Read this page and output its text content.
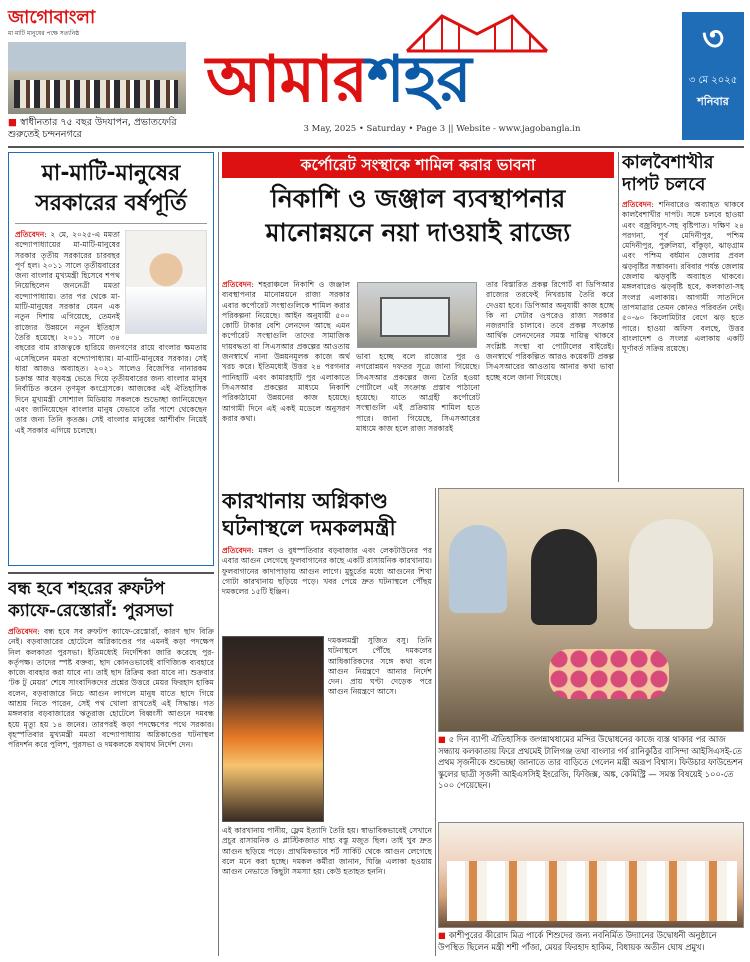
জাগোবাংলা
মা মাটি মানুষের পক্ষে সত্যনিষ্ঠ
■ স্বাধীনতার ৭৫ বছর উদযাপন, প্রভাতফেরি শুরুতেই চন্দননগরে
আমারশহর
3 May, 2025 • Saturday • Page 3 || Website - www.jagobangla.in
৩
৩ মে ২০২৫
শনিবার
মা-মাটি-মানুষের সরকারের বর্ষপূর্তি

প্রতিবেদন: ২ মে, ২০২৫-এ মমতা বন্দ্যোপাধ্যায়ের মা-মাটি-মানুষের সরকার তৃতীয় সরকারের চারবছর পূর্ণ হল। ২০১১ সালে তৃতীয়বারের জন্য বাংলার মুখ্যমন্ত্রী হিসেবে শপথ নিয়েছিলেন জননেত্রী মমতা বন্দ্যোপাধ্যায়। তার পর থেকে মা-মাটি-মানুষের সরকার যেমন এক নতুন দিশায় এগিয়েছে, তেমনই রাজ্যের উন্নয়নে নতুন ইতিহাস তৈরি হয়েছে। ২০১১ সালে ৩৪ বছরের বাম রাজত্বকে হারিয়ে জনগণের রায়ে বাংলার ক্ষমতায় এসেছিলেন মমতা বন্দ্যোপাধ্যায়। মা-মাটি-মানুষের সরকার। সেই ধারা আজও অব্যাহত। ২০২১ সালেও বিজেপির নানারকম চক্রান্ত আর ষড়যন্ত্র ভেঙে দিয়ে তৃতীয়বারের জন্য বাংলার মানুষ নির্বাচিত করেন তৃণমূল কংগ্রেসকে। আজকের এই ঐতিহাসিক দিনে মুখ্যমন্ত্রী সোশ্যাল মিডিয়ায় সকলকে শুভেচ্ছা জানিয়েছেন এবং জানিয়েছেন বাংলার মানুষ যেভাবে তাঁর পাশে থেকেছেন তার জন্য তিনি কৃতজ্ঞ। সেই বাংলার মানুষের আশীর্বাদ নিয়েই এই সরকার এগিয়ে চলেছে।

বন্ধ হবে শহরের রুফটপ ক্যাফে-রেস্তোরাঁ: পুরসভা

প্রতিবেদন: বন্ধ হবে সব রুফটপ ক্যাফে-রেস্তোরাঁ, কারণ ছাদ বিক্রি নেই। বড়বাজারের হোটেলে অগ্নিকাণ্ডের পর এমনই কড়া পদক্ষেপ নিল কলকাতা পুরসভা। ইতিমধ্যেই নির্দেশিকা জারি করেছে পুর-কর্তৃপক্ষ। তাদের স্পষ্ট বক্তব্য, ছাদ কোনওভাবেই বাণিজ্যিক ব্যবহারে কাজে ব্যবহার করা যাবে না। তাই ছাদ রিক্রিয় করা যাবে না। শুক্রবার ‘টক টু মেয়র’ শেষে সাংবাদিকদের প্রশ্নের উত্তরে মেয়র ফিরহাদ হাকিম বলেন, বড়বাজারে নিচে আগুন লাগলে মানুষ যাতে ছাদে গিয়ে আশ্রয় নিতে পারেন, সেই পথ খোলা রাখতেই এই সিদ্ধান্ত। গত মঙ্গলবার বড়বাজারের ঋতুরাজ হোটেলে বিধ্বংসী আগুনে দমবন্ধ হয়ে মৃত্যু হয় ১৪ জনের। তারপরই কড়া পদক্ষেপের পথে সরকার। বৃহস্পতিবার মুখ্যমন্ত্রী মমতা বন্দ্যোপাধ্যায় অগ্নিকাণ্ডের ঘটনাস্থল পরিদর্শন করে পুলিশ, পুরসভা ও দমকলকে যথাযথ নির্দেশ দেন।

কর্পোরেট সংস্থাকে শামিল করার ভাবনা
নিকাশি ও জঞ্জাল ব্যবস্থাপনার মানোন্নয়নে নয়া দাওয়াই রাজ্যে

প্রতিবেদন: শহরাঞ্চলে নিকাশি ও জঞ্জাল ব্যবস্থাপনার মানোন্নয়নে রাজ্য সরকার এবার কর্পোরেট সংস্থাগুলিকে শামিল করার পরিকল্পনা নিয়েছে। আইন অনুযায়ী ৫০০ কোটি টাকার বেশি লেনদেন আছে এমন কর্পোরেট সংস্থাগুলি তাদের সামাজিক দায়বদ্ধতা বা সিএসআর প্রকল্পের আওতায় জনস্বার্থে নানা উন্নয়নমূলক কাজে অর্থ খরচ করে। ইতিমধ্যেই উত্তর ২৪ পরগনার পানিহাটি এবং কামারহাটি পুর এলাকাতে সিএসআর প্রকল্পের মাধ্যমে নিকাশি পরিকাঠামো উন্নয়নের কাজ হয়েছে। আগামী দিনে এই একই মডেলে অনুসরণ করার কথা।

ভাবা হচ্ছে বলে রাজ্যের পুর ও নগরোন্নয়ন দফতর সূত্রে জানা গিয়েছে। সিএসআর প্রকল্পের জন্য তৈরি হওয়া পোর্টালে এই সংক্রান্ত প্রস্তাব পাঠানো হয়েছে। যাতে আগ্রহী কর্পোরেট সংস্থাগুলি এই প্রক্রিয়ায় শামিল হতে পারে। জানা গিয়েছে, সিএসআরের মাধ্যমে কাজ হলে রাজ্য সরকারই

তার বিস্তারিত প্রকল্প রিপোর্ট বা ডিপিআর রাজ্যের তরফেই নিখরচায় তৈরি করে দেওয়া হবে। ডিপিআর অনুযায়ী কাজ হচ্ছে কি না সেটার ওপরেও রাজ্য সরকার নজরদারি চালাবে। তবে প্রকল্প সংক্রান্ত আর্থিক লেনদেনের সমস্ত দায়িত্ব থাকবে সংশ্লিষ্ট সংস্থা বা পোর্টালের বাইরেই। জনস্বার্থে পরিকল্পিত আরও কয়েকটি প্রকল্প সিএসআরের আওতায় আনার কথা ভাবা হচ্ছে বলে জানা গিয়েছে।

কারখানায় অগ্নিকাণ্ড ঘটনাস্থলে দমকলমন্ত্রী

প্রতিবেদন: মঙ্গল ও বুধস্পতিবার বড়বাজার এবং লেকটাউনের পর এবার আগুন লেগেছে ফুলবাগানের কাছে একটি রাসায়নিক কারখানায়। ফুলবাগানের কাদাপাড়ায় আগুন লাগে। মুহূর্তের মধ্যে আগুনের শিখা গোটা কারখানায় ছড়িয়ে পড়ে। খবর পেয়ে দ্রুত ঘটনাস্থলে পৌঁছয় দমকলের ১৫টি ইঞ্জিন।

দমকলমন্ত্রী সুজিত বসু। তিনি ঘটনাস্থলে পৌঁছে দমকলের আধিকারিকদের সঙ্গে কথা বলে আগুন নিয়ন্ত্রণে আনার নির্দেশ দেন। প্রায় ঘণ্টা দেড়েক পরে আগুন নিয়ন্ত্রণে আসে।

এই কারখানায় পানীয়, ফ্লেম ইত্যাদি তৈরি হয়। স্বাভাবিকভাবেই সেখানে প্রচুর রাসায়নিক ও প্লাস্টিকজাত দাহ্য বস্তু মজুত ছিল। তাই খুব দ্রুত আগুন ছড়িয়ে পড়ে। প্রাথমিকভাবে শর্ট সার্কিট থেকে আগুন লেগেছে বলে মনে করা হচ্ছে। দমকল কর্মীরা জানান, ঘিঞ্জি এলাকা হওয়ায় আগুন নেভাতে কিছুটা সমস্যা হয়। কেউ হতাহত হননি।

■ ৫ দিন ব্যাপী ঐতিহাসিক জগন্নাথধামের মন্দির উদ্বোধনের কাজে ব্যস্ত থাকার পর আজ সন্ধ্যায় কলকাতায় ফিরে প্রথমেই টালিগঞ্জ তথা বাংলার গর্ব রানিকুঠির বাসিন্দা আইসিএসই-তে প্রথম সৃজনীকে শুভেচ্ছা জানাতে তার বাড়িতে গেলেন মন্ত্রী অরূপ বিশ্বাস। ফিউচার ফাউন্ডেশন স্কুলের ছাত্রী সৃজনী আইএসসিই ইংরেজি, ফিজিক্স, অঙ্ক, কেমিস্ট্রি — সমস্ত বিষয়েই ১০০-তে ১০০ পেয়েছেন।

■ কাশীপুরের কীরোদ মিত্র পার্কে শিশুদের জন্য নবনির্মিত উদ্যানের উদ্বোধনী অনুষ্ঠানে উপস্থিত ছিলেন মন্ত্রী শশী পাঁজা, মেয়র ফিরহাদ হাকিম, বিধায়ক অতীন ঘোষ প্রমুখ।

কালবৈশাখীর দাপট চলবে

প্রতিবেদন: শনিবারেও অব্যাহত থাকবে কালবৈশাখীর দাপট। সঙ্গে চলবে হাওয়া এবং বজ্রবিদ্যুৎ-সহ বৃষ্টিপাত। দক্ষিণ ২৪ পরগনা, পূর্ব মেদিনীপুর, পশ্চিম মেদিনীপুর, পুরুলিয়া, বাঁকুড়া, ঝাড়গ্রাম এবং পশ্চিম বর্ধমান জেলায় প্রবল ঝড়বৃষ্টির সম্ভাবনা। রবিবার পর্যন্ত জেলায় জেলায় ঝড়বৃষ্টি অব্যাহত থাকবে। মঙ্গলবারেও ঝড়বৃষ্টি হবে, কলকাতা-সহ সংলগ্ন এলাকায়। আগামী সাতদিনে তাপমাত্রার তেমন কোনও পরিবর্তন নেই। ৫০-৬০ কিলোমিটার বেগে ঝড় হতে পারে। হাওয়া অফিস বলছে, উত্তর বাংলাদেশ ও সংলগ্ন এলাকায় একটি ঘূর্ণাবর্ত সক্রিয় রয়েছে।
